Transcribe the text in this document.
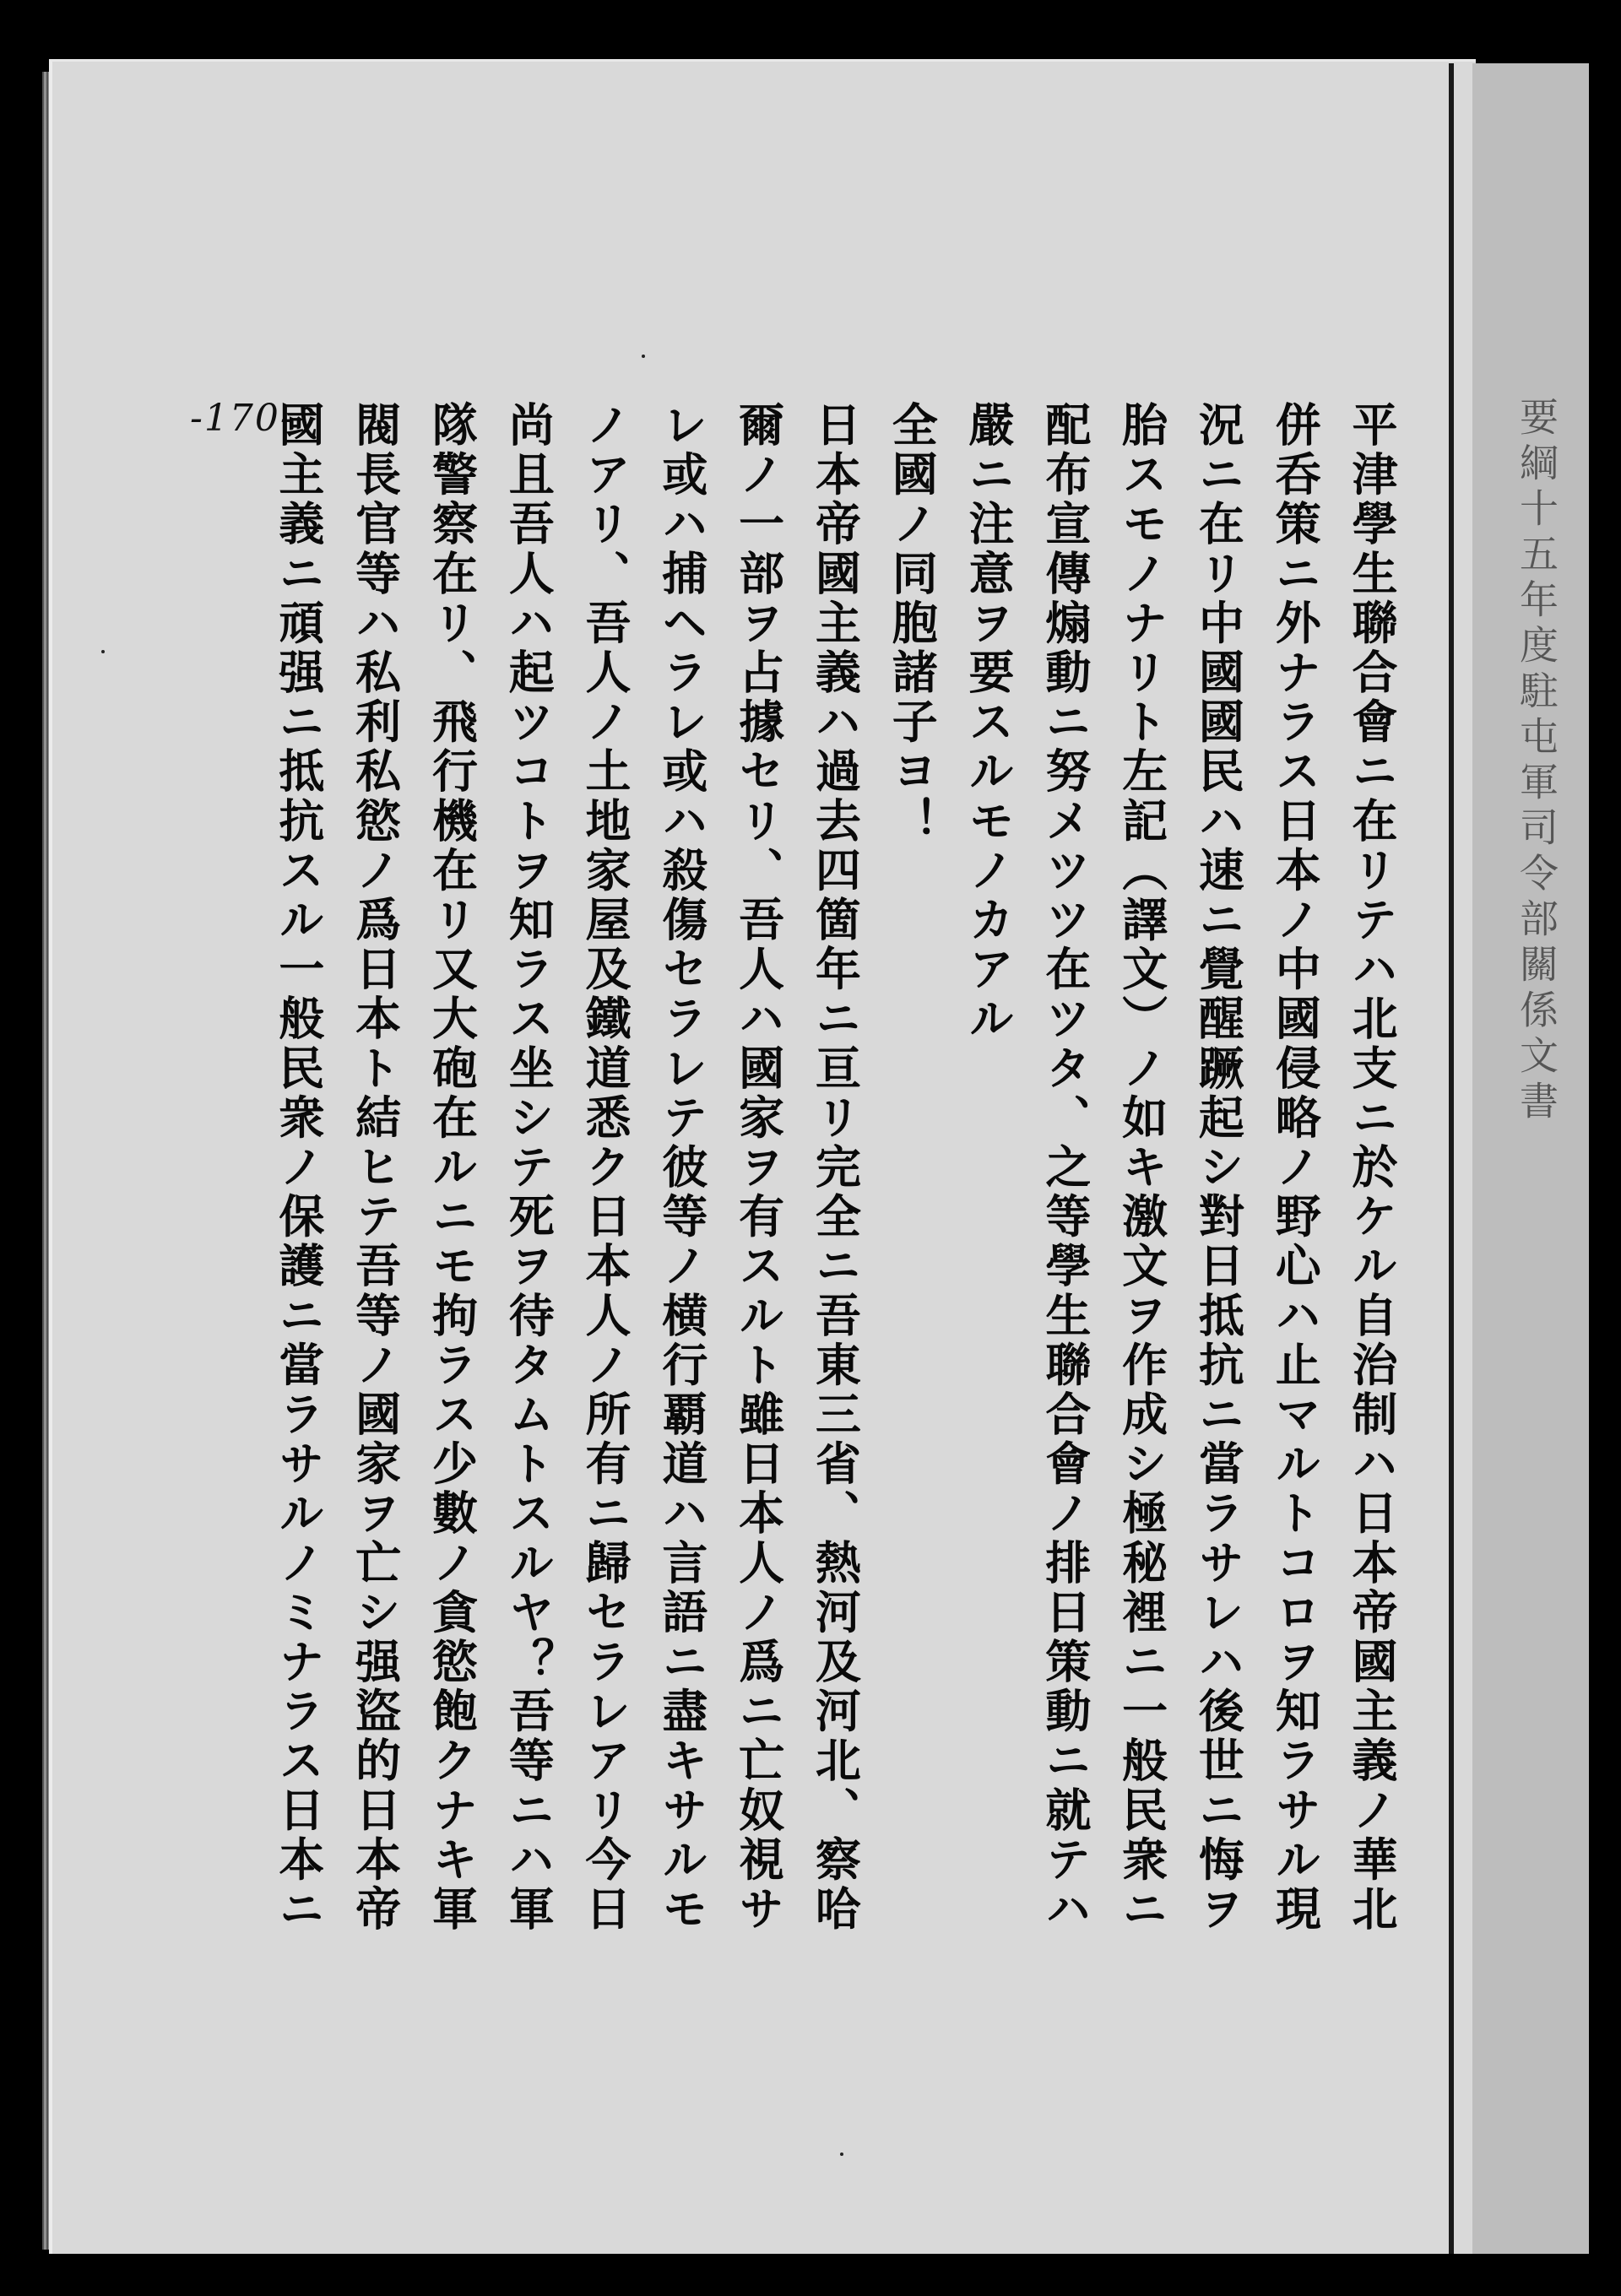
要綱十五年度駐屯軍司令部關係文書
-170-	平津學生聯合會ニ在リテハ北支ニ於ケル自治制ハ日本帝國主義ノ華北
併呑策ニ外ナラス日本ノ中國侵略ノ野心ハ止マルトコロヲ知ラサル現
況ニ在リ中國國民ハ速ニ覺醒蹶起シ對日抵抗ニ當ラサレハ後世ニ悔ヲ
胎スモノナリト左記（譯文）ノ如キ激文ヲ作成シ極秘裡ニ一般民衆ニ
配布宣傳煽動ニ努メツツ在ツタ、之等學生聯合會ノ排日策動ニ就テハ
嚴ニ注意ヲ要スルモノカアル
全國ノ同胞諸子ヨ！
日本帝國主義ハ過去四箇年ニ亘リ完全ニ吾東三省、熱河及河北、察哈
爾ノ一部ヲ占據セリ、吾人ハ國家ヲ有スルト雖日本人ノ爲ニ亡奴視サ
レ或ハ捕ヘラレ或ハ殺傷セラレテ彼等ノ横行覇道ハ言語ニ盡キサルモ
ノアリ、吾人ノ土地家屋及鐵道悉ク日本人ノ所有ニ歸セラレアリ今日
尚且吾人ハ起ツコトヲ知ラス坐シテ死ヲ待タムトスルヤ？吾等ニハ軍
隊警察在リ、飛行機在リ又大砲在ルニモ拘ラス少數ノ貪慾飽クナキ軍
閥長官等ハ私利私慾ノ爲日本ト結ヒテ吾等ノ國家ヲ亡シ强盜的日本帝
國主義ニ頑强ニ抵抗スル一般民衆ノ保護ニ當ラサルノミナラス日本ニ
